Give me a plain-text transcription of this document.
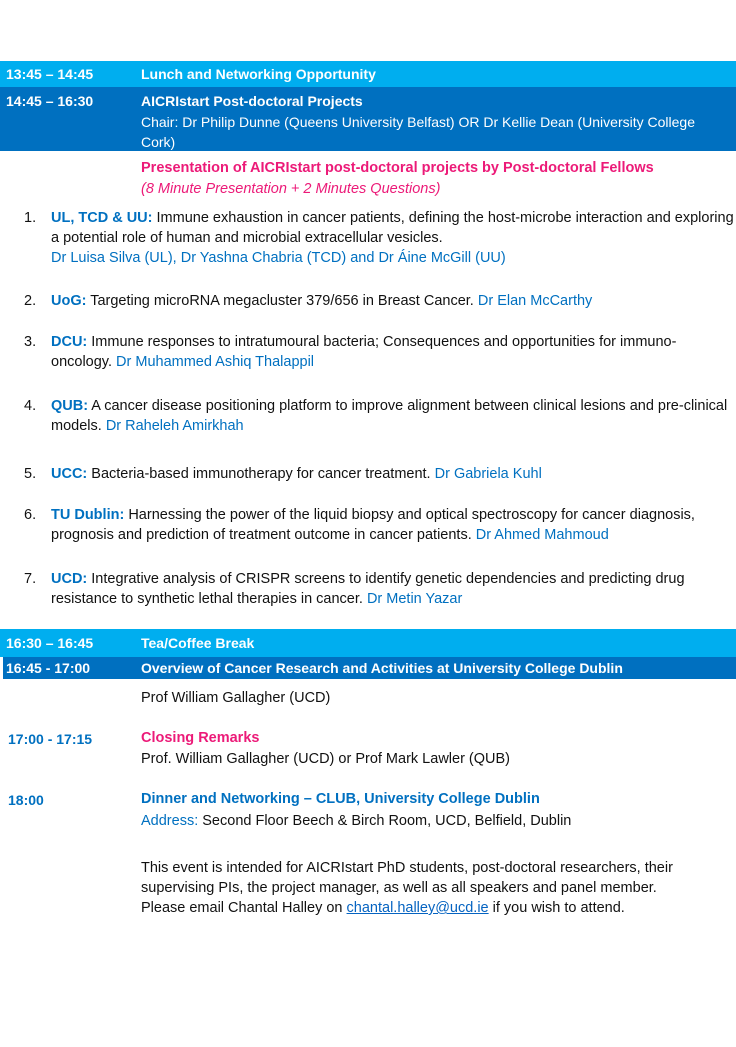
13:45 – 14:45	Lunch and Networking Opportunity
14:45 – 16:30	AICRIstart Post-doctoral Projects
Chair: Dr Philip Dunne (Queens University Belfast) OR Dr Kellie Dean (University College Cork)
Presentation of AICRIstart post-doctoral projects by Post-doctoral Fellows
(8 Minute Presentation + 2 Minutes Questions)
1.	UL, TCD & UU: Immune exhaustion in cancer patients, defining the host-microbe interaction and exploring a potential role of human and microbial extracellular vesicles.
Dr Luisa Silva (UL), Dr Yashna Chabria (TCD) and Dr Áine McGill (UU)
2.	UoG: Targeting microRNA megacluster 379/656 in Breast Cancer. Dr Elan McCarthy
3.	DCU: Immune responses to intratumoural bacteria; Consequences and opportunities for immuno-oncology. Dr Muhammed Ashiq Thalappil
4.	QUB: A cancer disease positioning platform to improve alignment between clinical lesions and pre-clinical models. Dr Raheleh Amirkhah
5.	UCC: Bacteria-based immunotherapy for cancer treatment. Dr Gabriela Kuhl
6.	TU Dublin: Harnessing the power of the liquid biopsy and optical spectroscopy for cancer diagnosis, prognosis and prediction of treatment outcome in cancer patients. Dr Ahmed Mahmoud
7.	UCD: Integrative analysis of CRISPR screens to identify genetic dependencies and predicting drug resistance to synthetic lethal therapies in cancer. Dr Metin Yazar
16:30 – 16:45	Tea/Coffee Break
16:45 - 17:00	Overview of Cancer Research and Activities at University College Dublin
Prof William Gallagher (UCD)
17:00 - 17:15	Closing Remarks
Prof. William Gallagher (UCD) or Prof Mark Lawler (QUB)
18:00	Dinner and Networking – CLUB, University College Dublin
Address: Second Floor Beech & Birch Room, UCD, Belfield, Dublin
This event is intended for AICRIstart PhD students, post-doctoral researchers, their supervising PIs, the project manager, as well as all speakers and panel member. Please email Chantal Halley on chantal.halley@ucd.ie if you wish to attend.
